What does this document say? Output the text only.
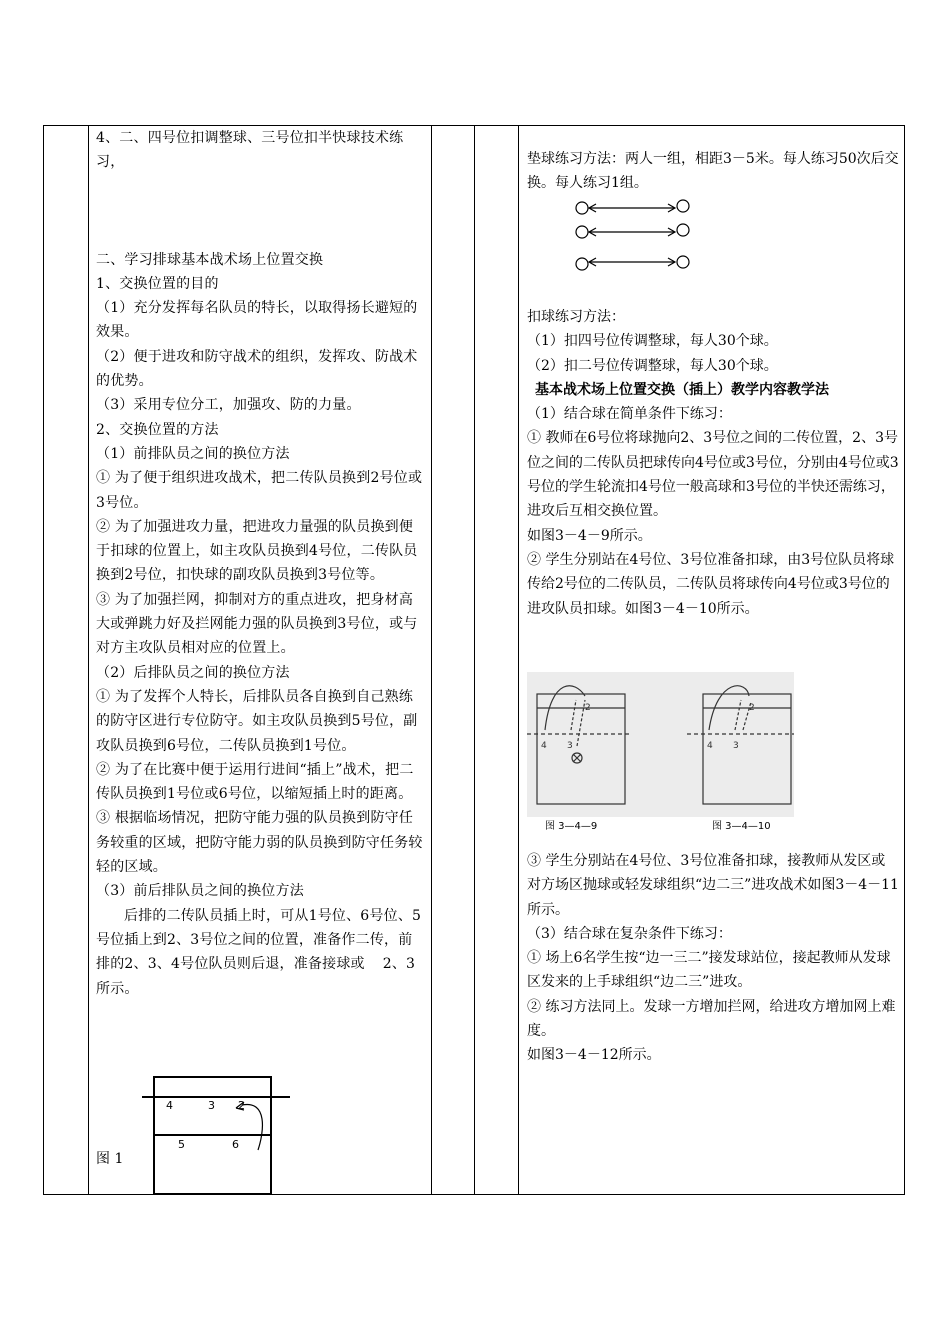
4、二、四号位扣调整球、三号位扣半快球技术练习，

二、学习排球基本战术场上位置交换

1、交换位置的目的

（1）充分发挥每名队员的特长，以取得扬长避短的效果。

（2）便于进攻和防守战术的组织，发挥攻、防战术的优势。

（3）采用专位分工，加强攻、防的力量。

2、交换位置的方法

（1）前排队员之间的换位方法

① 为了便于组织进攻战术，把二传队员换到2号位或3号位。

② 为了加强进攻力量，把进攻力量强的队员换到便于扣球的位置上，如主攻队员换到4号位，二传队员换到2号位，扣快球的副攻队员换到3号位等。

③ 为了加强拦网，抑制对方的重点进攻，把身材高大或弹跳力好及拦网能力强的队员换到3号位，或与对方主攻队员相对应的位置上。

（2）后排队员之间的换位方法

① 为了发挥个人特长，后排队员各自换到自己熟练的防守区进行专位防守。如主攻队员换到5号位，副攻队员换到6号位，二传队员换到1号位。

② 为了在比赛中便于运用行进间“插上”战术，把二传队员换到1号位或6号位，以缩短插上时的距离。

③ 根据临场情况，把防守能力强的队员换到防守任务较重的区域，把防守能力弱的队员换到防守任务较轻的区域。

（3）前后排队员之间的换位方法

后排的二传队员插上时，可从1号位、6号位、5号位插上到2、3号位之间的位置，准备作二传，前排的2、3、4号位队员则后退，准备接球或 2、3所示。

4	3 2
5	6
图 1

垫球练习方法：两人一组，相距3－5米。每人练习50次后交换。每人练习1组。

扣球练习方法：

（1）扣四号位传调整球，每人30个球。

（2）扣二号位传调整球，每人30个球。

基本战术场上位置交换（插上）教学内容教学法

（1）结合球在简单条件下练习：

① 教师在6号位将球抛向2、3号位之间的二传位置，2、3号位之间的二传队员把球传向4号位或3号位，分别由4号位或3号位的学生轮流扣4号位一般高球和3号位的半快还需练习，进攻后互相交换位置。

如图3－4－9所示。

② 学生分别站在4号位、3号位准备扣球，由3号位队员将球传给2号位的二传队员，二传队员将球传向4号位或3号位的进攻队员扣球。如图3－4－10所示。

4 3
2
4 3
2
图 3—4—9	图 3—4—10

③ 学生分别站在4号位、3号位准备扣球，接教师从发区或对方场区抛球或轻发球组织“边二三”进攻战术如图3－4－11所示。

（3）结合球在复杂条件下练习：

① 场上6名学生按“边一三二”接发球站位，接起教师从发球区发来的上手球组织“边二三”进攻。

② 练习方法同上。发球一方增加拦网，给进攻方增加网上难度。

如图3－4－12所示。
